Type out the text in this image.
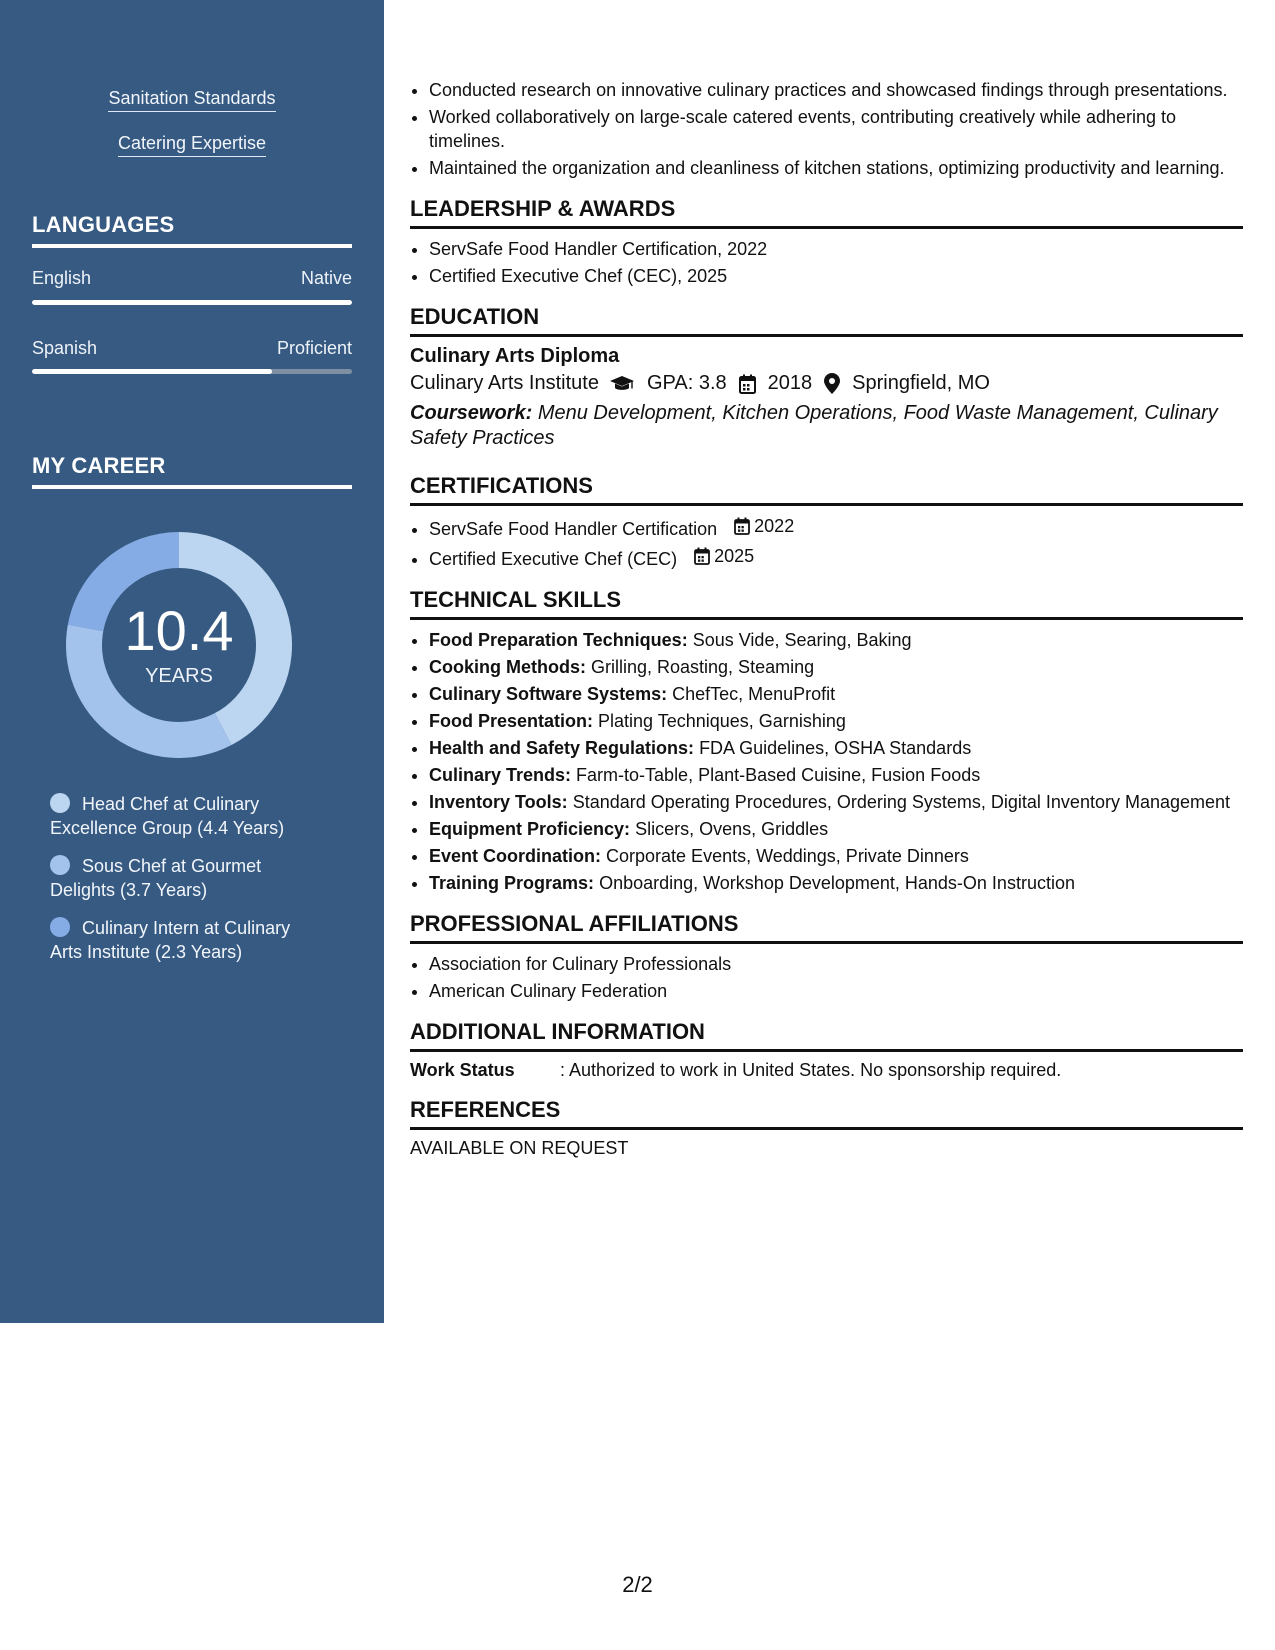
Sanitation Standards
Catering Expertise
LANGUAGES
English	Native
Spanish	Proficient
MY CAREER
10.4
YEARS
Head Chef at Culinary Excellence Group (4.4 Years)
Sous Chef at Gourmet Delights (3.7 Years)
Culinary Intern at Culinary Arts Institute (2.3 Years)
• Conducted research on innovative culinary practices and showcased findings through presentations.
• Worked collaboratively on large-scale catered events, contributing creatively while adhering to timelines.
• Maintained the organization and cleanliness of kitchen stations, optimizing productivity and learning.
LEADERSHIP & AWARDS
• ServSafe Food Handler Certification, 2022
• Certified Executive Chef (CEC), 2025
EDUCATION
Culinary Arts Diploma
Culinary Arts Institute GPA: 3.8 2018 Springfield, MO
Coursework: Menu Development, Kitchen Operations, Food Waste Management, Culinary Safety Practices
CERTIFICATIONS
• ServSafe Food Handler Certification 2022
• Certified Executive Chef (CEC) 2025
TECHNICAL SKILLS
• Food Preparation Techniques: Sous Vide, Searing, Baking
• Cooking Methods: Grilling, Roasting, Steaming
• Culinary Software Systems: ChefTec, MenuProfit
• Food Presentation: Plating Techniques, Garnishing
• Health and Safety Regulations: FDA Guidelines, OSHA Standards
• Culinary Trends: Farm-to-Table, Plant-Based Cuisine, Fusion Foods
• Inventory Tools: Standard Operating Procedures, Ordering Systems, Digital Inventory Management
• Equipment Proficiency: Slicers, Ovens, Griddles
• Event Coordination: Corporate Events, Weddings, Private Dinners
• Training Programs: Onboarding, Workshop Development, Hands-On Instruction
PROFESSIONAL AFFILIATIONS
• Association for Culinary Professionals
• American Culinary Federation
ADDITIONAL INFORMATION
Work Status	: Authorized to work in United States. No sponsorship required.
REFERENCES
AVAILABLE ON REQUEST
2/2
